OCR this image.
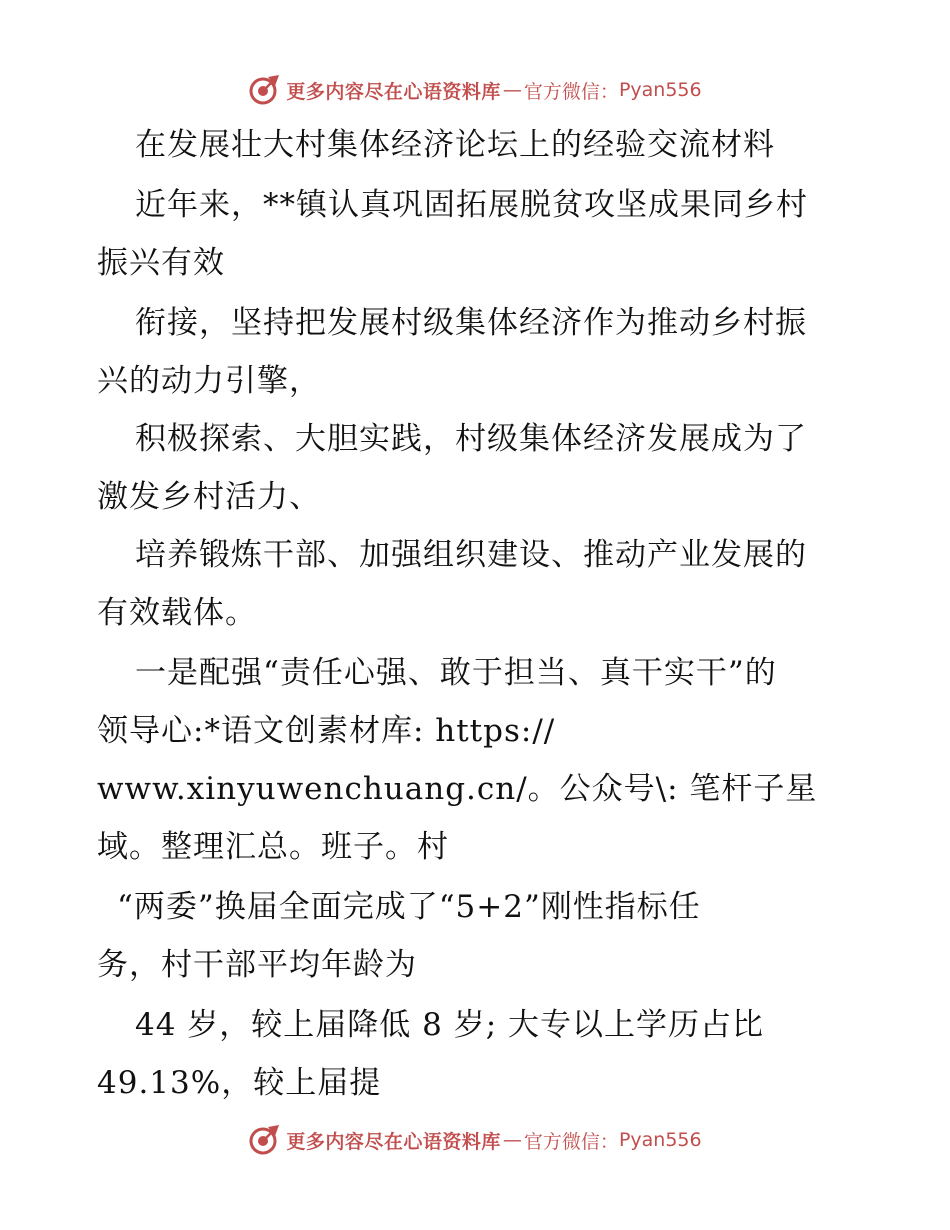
更多内容尽在心语资料库 — 官方微信： Pyan556
在发展壮大村集体经济论坛上的经验交流材料
近年来，**镇认真巩固拓展脱贫攻坚成果同乡村
振兴有效
衔接，坚持把发展村级集体经济作为推动乡村振
兴的动力引擎，
积极探索、大胆实践，村级集体经济发展成为了
激发乡村活力、
培养锻炼干部、加强组织建设、推动产业发展的
有效载体。
一是配强“责任心强、敢于担当、真干实干”的
领导心:*语文创素材库: https://
www.xinyuwenchuang.cn/。公众号\: 笔杆子星
域。整理汇总。班子。村
“两委”换届全面完成了“5+2”刚性指标任
务，村干部平均年龄为
44 岁，较上届降低 8 岁; 大专以上学历占比
49.13%，较上届提
更多内容尽在心语资料库 — 官方微信： Pyan556
